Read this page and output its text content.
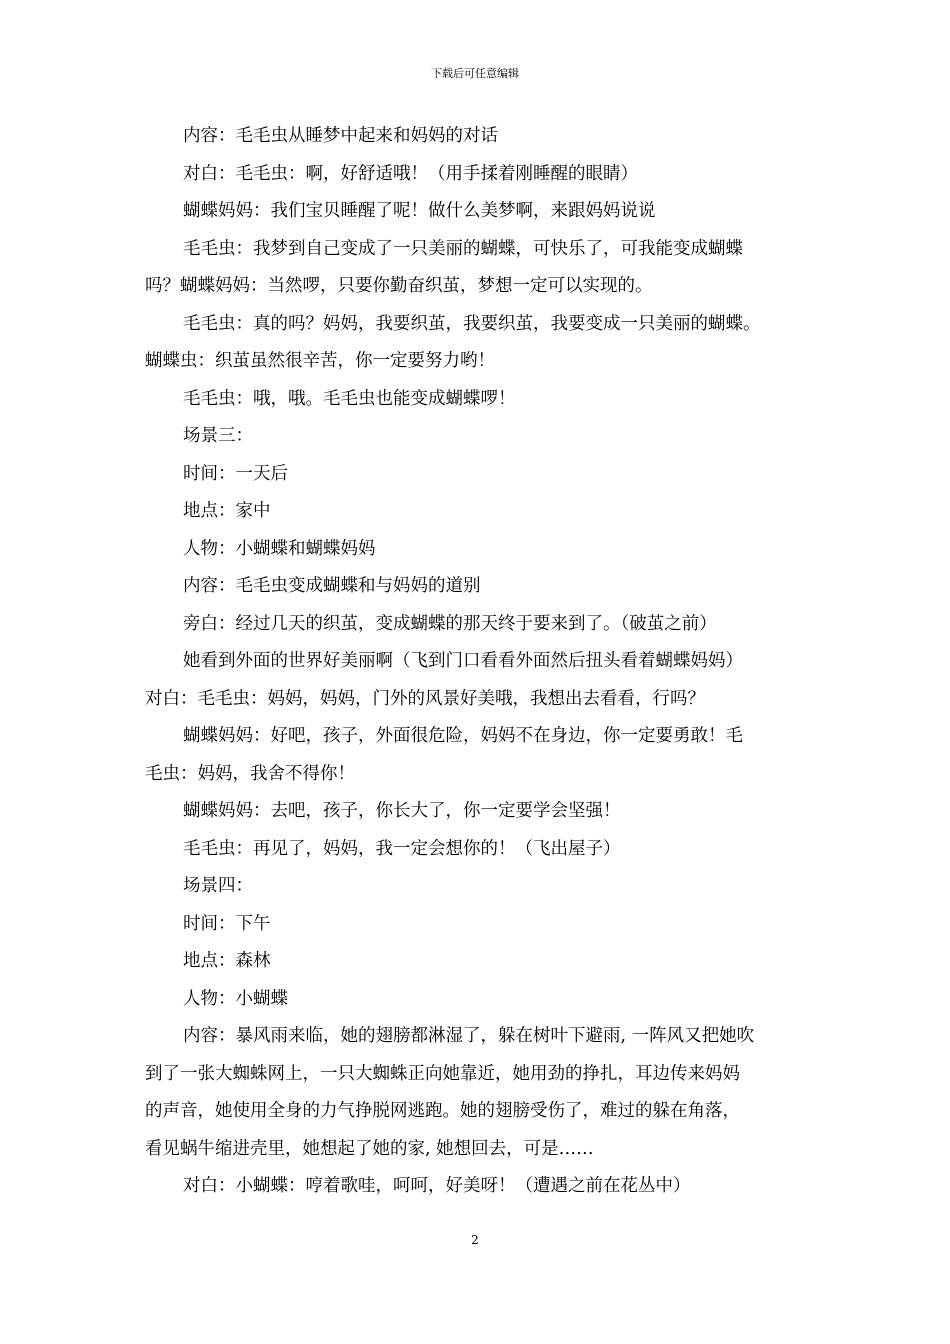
下载后可任意编辑

内容：毛毛虫从睡梦中起来和妈妈的对话

对白：毛毛虫：啊，好舒适哦！（用手揉着刚睡醒的眼睛）

蝴蝶妈妈：我们宝贝睡醒了呢！做什么美梦啊，来跟妈妈说说

毛毛虫：我梦到自己变成了一只美丽的蝴蝶，可快乐了，可我能变成蝴蝶

吗？蝴蝶妈妈：当然啰，只要你勤奋织茧，梦想一定可以实现的。

毛毛虫：真的吗？妈妈，我要织茧，我要织茧，我要变成一只美丽的蝴蝶。

蝴蝶虫：织茧虽然很辛苦，你一定要努力哟！

毛毛虫：哦，哦。毛毛虫也能变成蝴蝶啰！

场景三：

时间：一天后

地点：家中

人物：小蝴蝶和蝴蝶妈妈

内容：毛毛虫变成蝴蝶和与妈妈的道别

旁白：经过几天的织茧，变成蝴蝶的那天终于要来到了。（破茧之前）

她看到外面的世界好美丽啊（飞到门口看看外面然后扭头看着蝴蝶妈妈）

对白：毛毛虫：妈妈，妈妈，门外的风景好美哦，我想出去看看，行吗？

蝴蝶妈妈：好吧，孩子，外面很危险，妈妈不在身边，你一定要勇敢！毛

毛虫：妈妈，我舍不得你！

蝴蝶妈妈：去吧，孩子，你长大了，你一定要学会坚强！

毛毛虫：再见了，妈妈，我一定会想你的！（飞出屋子）

场景四：

时间：下午

地点：森林

人物：小蝴蝶

内容：暴风雨来临，她的翅膀都淋湿了，躲在树叶下避雨, 一阵风又把她吹

到了一张大蜘蛛网上，一只大蜘蛛正向她靠近，她用劲的挣扎，耳边传来妈妈

的声音，她使用全身的力气挣脱网逃跑。她的翅膀受伤了，难过的躲在角落，

看见蜗牛缩进壳里，她想起了她的家, 她想回去，可是……

对白：小蝴蝶：哼着歌哇，呵呵，好美呀！（遭遇之前在花丛中）

2
